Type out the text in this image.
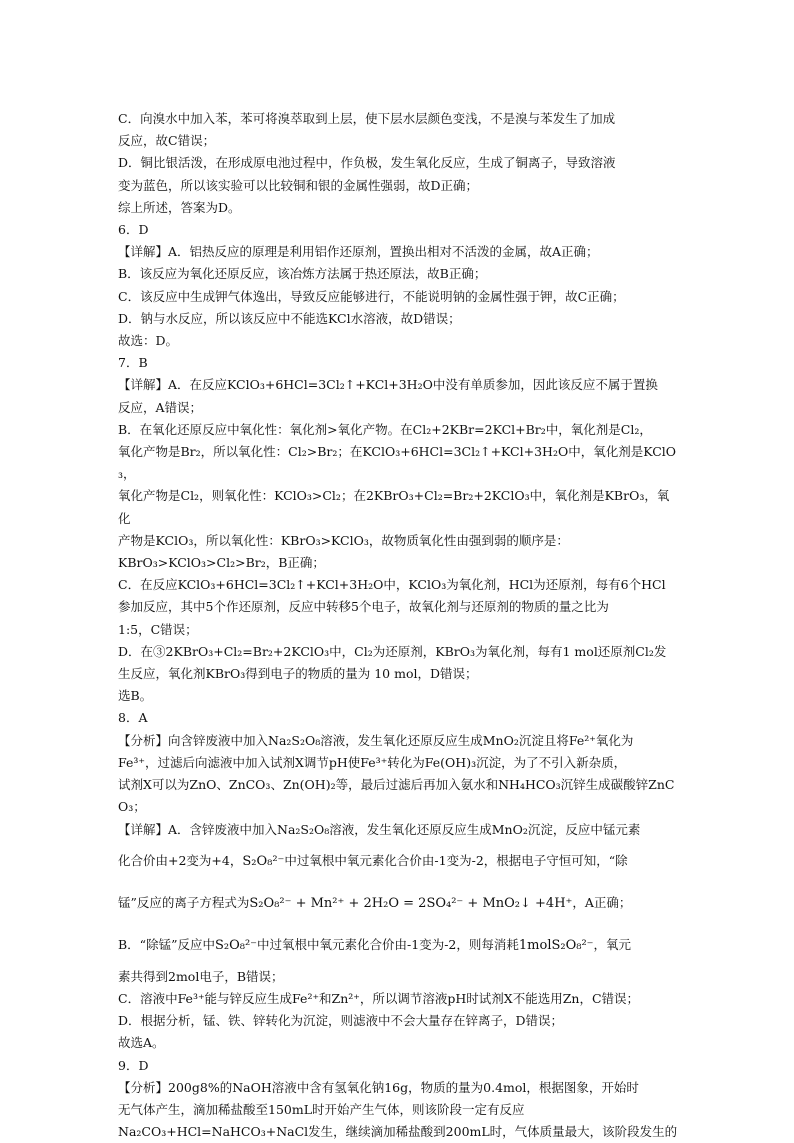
C．向溴水中加入苯，苯可将溴萃取到上层，使下层水层颜色变浅，不是溴与苯发生了加成

反应，故C错误；

D．铜比银活泼，在形成原电池过程中，作负极，发生氧化反应，生成了铜离子，导致溶液

变为蓝色，所以该实验可以比较铜和银的金属性强弱，故D正确；

综上所述，答案为D。

6．D

【详解】A．铝热反应的原理是利用铝作还原剂，置换出相对不活泼的金属，故A正确；

B．该反应为氧化还原反应，该冶炼方法属于热还原法，故B正确；

C．该反应中生成钾气体逸出，导致反应能够进行，不能说明钠的金属性强于钾，故C正确；

D．钠与水反应，所以该反应中不能选KCl水溶液，故D错误；

故选：D。

7．B

【详解】A．在反应KClO₃+6HCl=3Cl₂↑+KCl+3H₂O中没有单质参加，因此该反应不属于置换

反应，A错误；

B．在氧化还原反应中氧化性：氧化剂>氧化产物。在Cl₂+2KBr=2KCl+Br₂中，氧化剂是Cl₂，

氧化产物是Br₂，所以氧化性：Cl₂>Br₂；在KClO₃+6HCl=3Cl₂↑+KCl+3H₂O中，氧化剂是KClO₃，

氧化产物是Cl₂，则氧化性：KClO₃>Cl₂；在2KBrO₃+Cl₂=Br₂+2KClO₃中，氧化剂是KBrO₃，氧化

产物是KClO₃，所以氧化性：KBrO₃>KClO₃，故物质氧化性由强到弱的顺序是：

KBrO₃>KClO₃>Cl₂>Br₂，B正确；

C．在反应KClO₃+6HCl=3Cl₂↑+KCl+3H₂O中，KClO₃为氧化剂，HCl为还原剂，每有6个HCl

参加反应，其中5个作还原剂，反应中转移5个电子，故氧化剂与还原剂的物质的量之比为

1:5，C错误；

D．在③2KBrO₃+Cl₂=Br₂+2KClO₃中，Cl₂为还原剂，KBrO₃为氧化剂，每有1 mol还原剂Cl₂发

生反应，氧化剂KBrO₃得到电子的物质的量为 10 mol，D错误；

选B。

8．A

【分析】向含锌废液中加入Na₂S₂O₈溶液，发生氧化还原反应生成MnO₂沉淀且将Fe²⁺氧化为

Fe³⁺，过滤后向滤液中加入试剂X调节pH使Fe³⁺转化为Fe(OH)₃沉淀，为了不引入新杂质，

试剂X可以为ZnO、ZnCO₃、Zn(OH)₂等，最后过滤后再加入氨水和NH₄HCO₃沉锌生成碳酸锌ZnCO₃；

【详解】A．含锌废液中加入Na₂S₂O₈溶液，发生氧化还原反应生成MnO₂沉淀，反应中锰元素

化合价由+2变为+4，S₂O₈²⁻中过氧根中氧元素化合价由-1变为-2，根据电子守恒可知，“除

锰”反应的离子方程式为S₂O₈²⁻ + Mn²⁺ + 2H₂O = 2SO₄²⁻ + MnO₂↓ +4H⁺，A正确；

B．“除锰”反应中S₂O₈²⁻中过氧根中氧元素化合价由-1变为-2，则每消耗1molS₂O₈²⁻，氧元

素共得到2mol电子，B错误；

C．溶液中Fe³⁺能与锌反应生成Fe²⁺和Zn²⁺，所以调节溶液pH时试剂X不能选用Zn，C错误；

D．根据分析，锰、铁、锌转化为沉淀，则滤液中不会大量存在锌离子，D错误；

故选A。

9．D

【分析】200g8%的NaOH溶液中含有氢氧化钠16g，物质的量为0.4mol，根据图象，开始时

无气体产生，滴加稀盐酸至150mL时开始产生气体，则该阶段一定有反应

Na₂CO₃+HCl=NaHCO₃+NaCl发生，继续滴加稀盐酸到200mL时，气体质量最大，该阶段发生的
